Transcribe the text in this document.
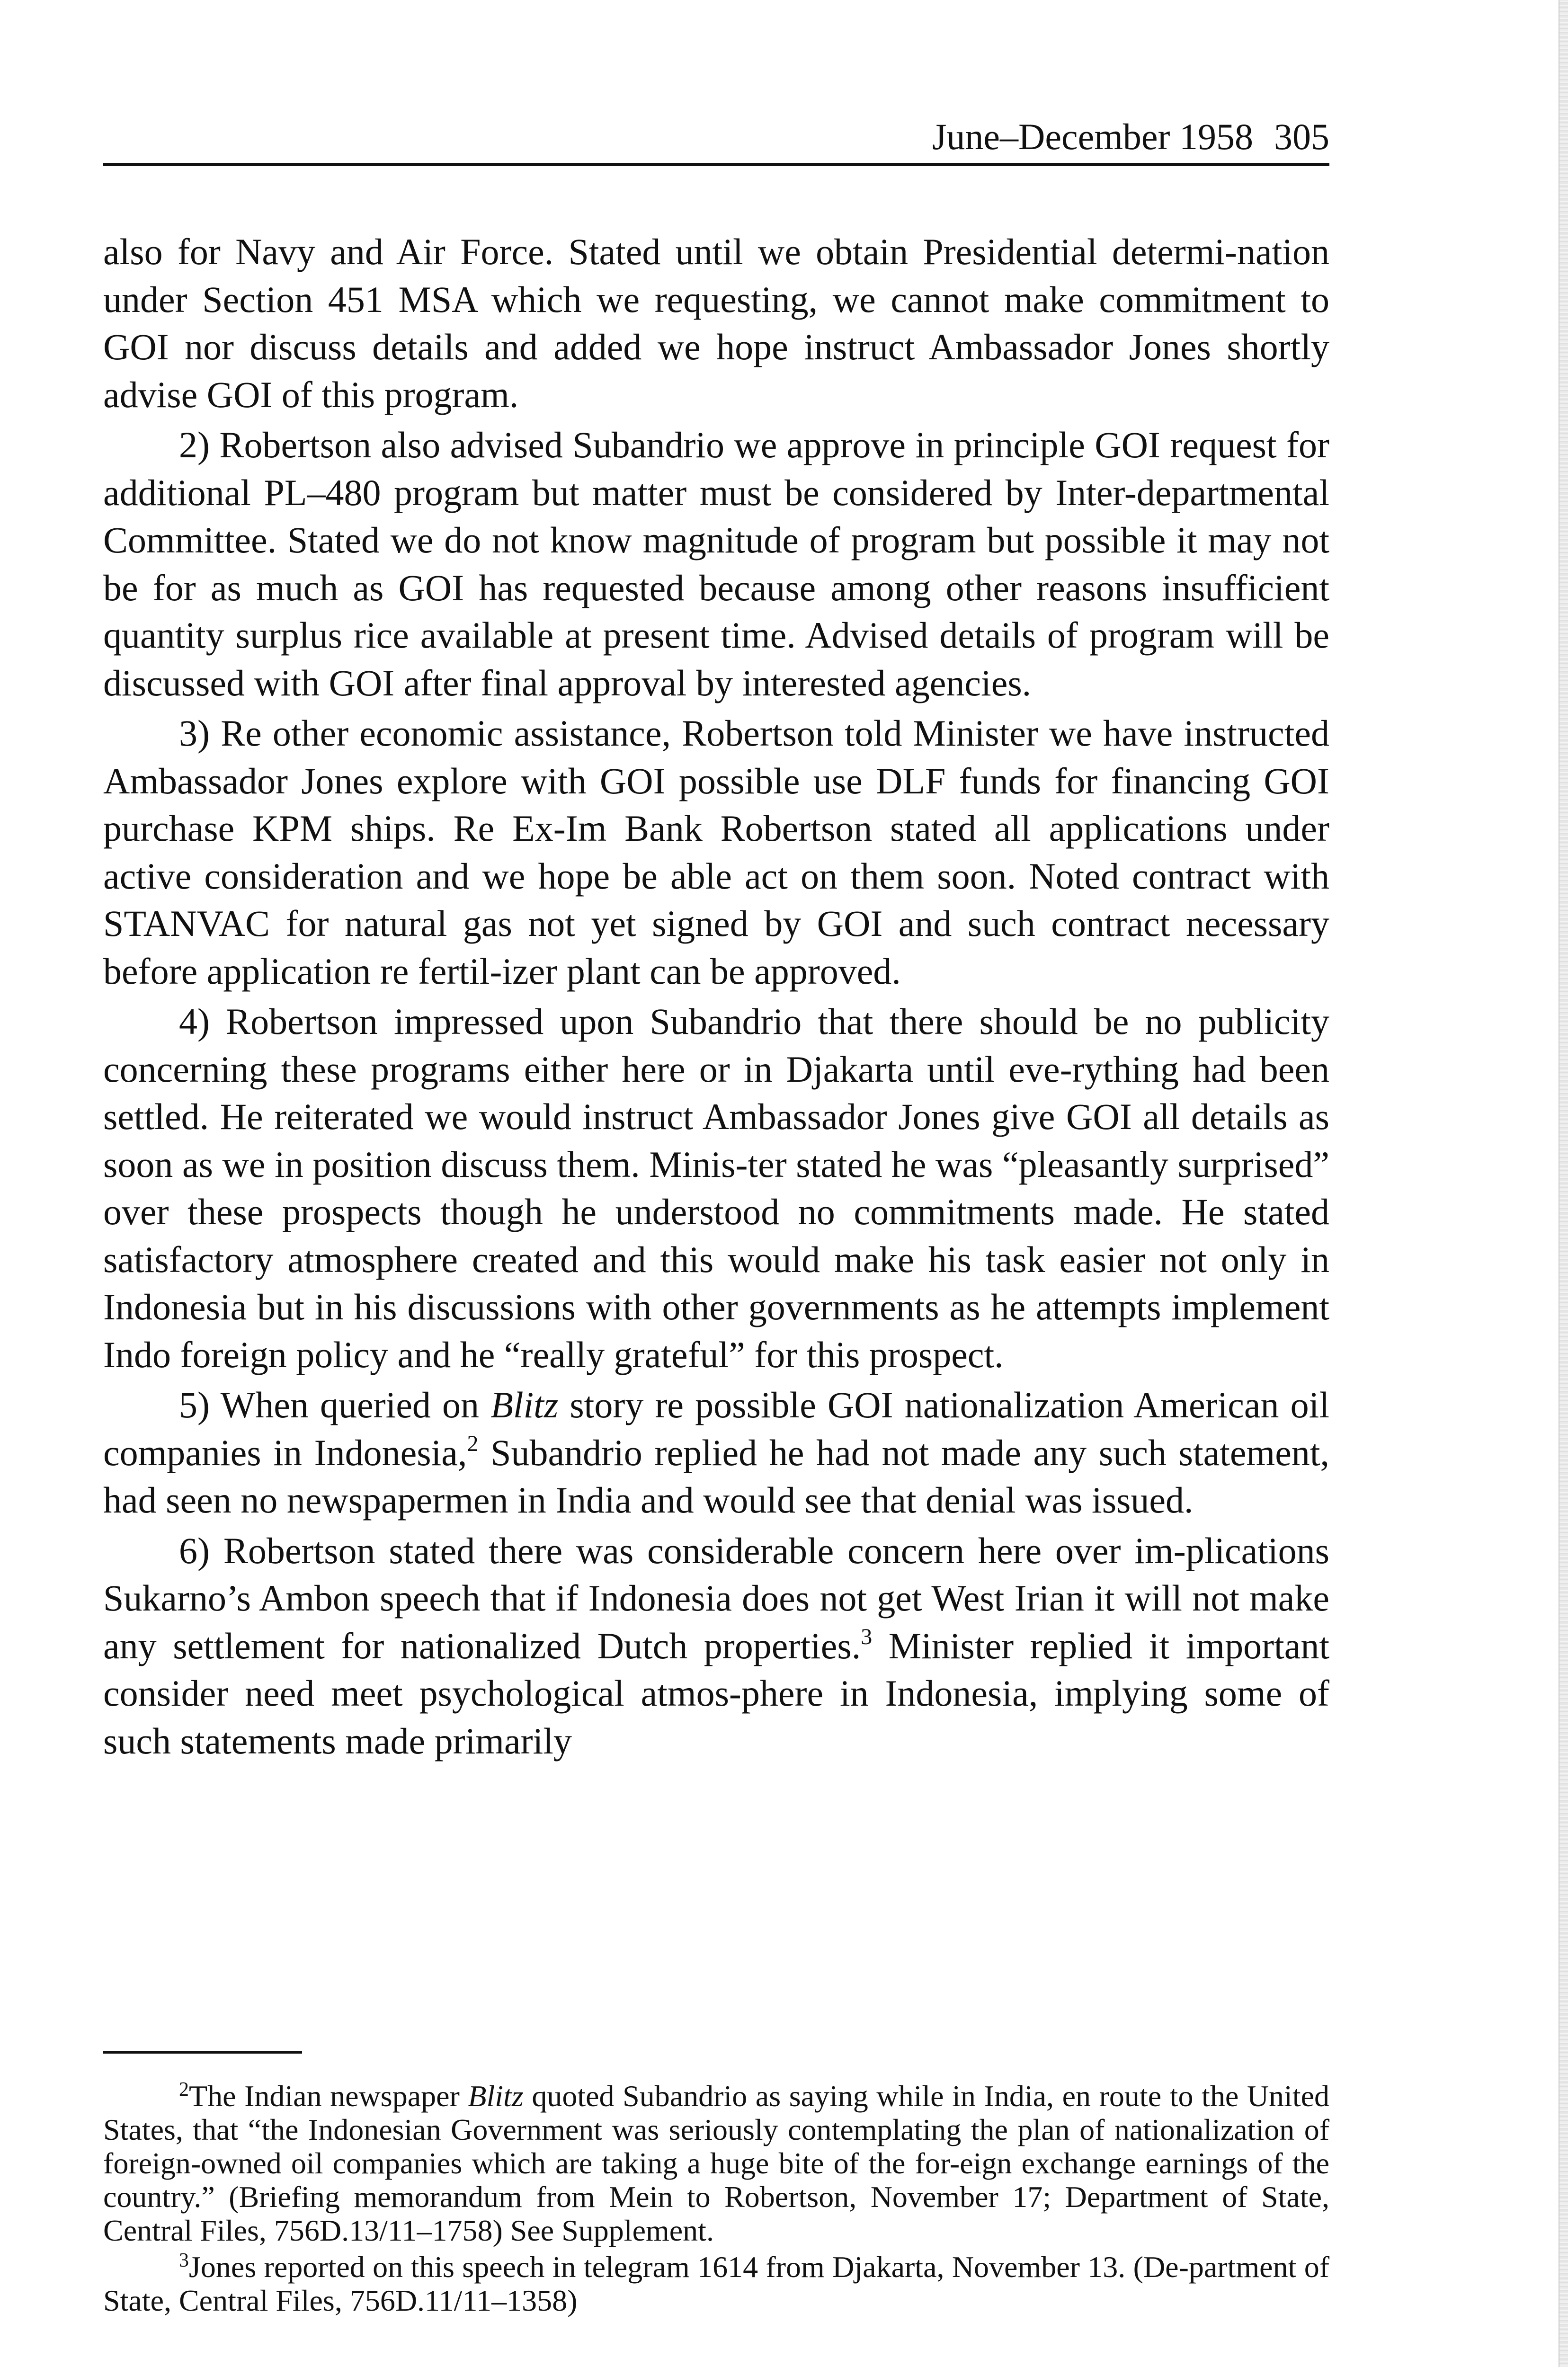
June–December 1958 305

also for Navy and Air Force. Stated until we obtain Presidential determi-nation under Section 451 MSA which we requesting, we cannot make commitment to GOI nor discuss details and added we hope instruct Ambassador Jones shortly advise GOI of this program.

2) Robertson also advised Subandrio we approve in principle GOI request for additional PL–480 program but matter must be considered by Inter-departmental Committee. Stated we do not know magnitude of program but possible it may not be for as much as GOI has requested because among other reasons insufficient quantity surplus rice available at present time. Advised details of program will be discussed with GOI after final approval by interested agencies.

3) Re other economic assistance, Robertson told Minister we have instructed Ambassador Jones explore with GOI possible use DLF funds for financing GOI purchase KPM ships. Re Ex-Im Bank Robertson stated all applications under active consideration and we hope be able act on them soon. Noted contract with STANVAC for natural gas not yet signed by GOI and such contract necessary before application re fertil-izer plant can be approved.

4) Robertson impressed upon Subandrio that there should be no publicity concerning these programs either here or in Djakarta until eve-rything had been settled. He reiterated we would instruct Ambassador Jones give GOI all details as soon as we in position discuss them. Minis-ter stated he was “pleasantly surprised” over these prospects though he understood no commitments made. He stated satisfactory atmosphere created and this would make his task easier not only in Indonesia but in his discussions with other governments as he attempts implement Indo foreign policy and he “really grateful” for this prospect.

5) When queried on Blitz story re possible GOI nationalization American oil companies in Indonesia,$^2$ Subandrio replied he had not made any such statement, had seen no newspapermen in India and would see that denial was issued.

6) Robertson stated there was considerable concern here over im-plications Sukarno’s Ambon speech that if Indonesia does not get West Irian it will not make any settlement for nationalized Dutch properties.$^3$ Minister replied it important consider need meet psychological atmos-phere in Indonesia, implying some of such statements made primarily

$^2$The Indian newspaper Blitz quoted Subandrio as saying while in India, en route to the United States, that “the Indonesian Government was seriously contemplating the plan of nationalization of foreign-owned oil companies which are taking a huge bite of the for-eign exchange earnings of the country.” (Briefing memorandum from Mein to Robertson, November 17; Department of State, Central Files, 756D.13/11–1758) See Supplement.

$^3$Jones reported on this speech in telegram 1614 from Djakarta, November 13. (De-partment of State, Central Files, 756D.11/11–1358)
